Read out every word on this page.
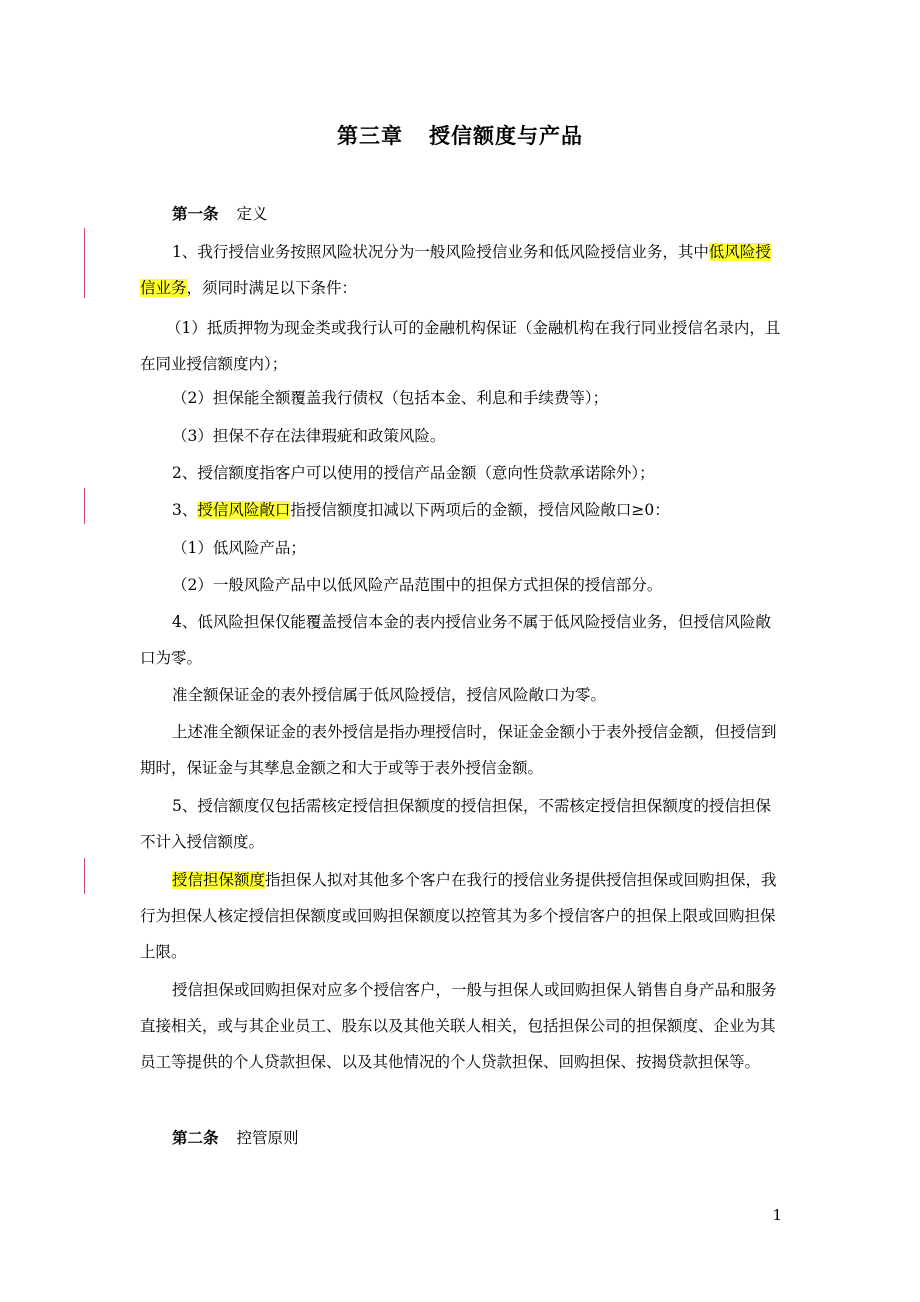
第三章 授信额度与产品

第一条 定义

1、我行授信业务按照风险状况分为一般风险授信业务和低风险授信业务，其中低风险授信业务，须同时满足以下条件：

（1）抵质押物为现金类或我行认可的金融机构保证（金融机构在我行同业授信名录内，且在同业授信额度内）；

（2）担保能全额覆盖我行债权（包括本金、利息和手续费等）；

（3）担保不存在法律瑕疵和政策风险。

2、授信额度指客户可以使用的授信产品金额（意向性贷款承诺除外）；

3、授信风险敞口指授信额度扣减以下两项后的金额，授信风险敞口≥0：

（1）低风险产品；

（2）一般风险产品中以低风险产品范围中的担保方式担保的授信部分。

4、低风险担保仅能覆盖授信本金的表内授信业务不属于低风险授信业务，但授信风险敞口为零。

准全额保证金的表外授信属于低风险授信，授信风险敞口为零。

上述准全额保证金的表外授信是指办理授信时，保证金金额小于表外授信金额，但授信到期时，保证金与其孳息金额之和大于或等于表外授信金额。

5、授信额度仅包括需核定授信担保额度的授信担保，不需核定授信担保额度的授信担保不计入授信额度。

授信担保额度指担保人拟对其他多个客户在我行的授信业务提供授信担保或回购担保，我行为担保人核定授信担保额度或回购担保额度以控管其为多个授信客户的担保上限或回购担保上限。

授信担保或回购担保对应多个授信客户，一般与担保人或回购担保人销售自身产品和服务直接相关，或与其企业员工、股东以及其他关联人相关，包括担保公司的担保额度、企业为其员工等提供的个人贷款担保、以及其他情况的个人贷款担保、回购担保、按揭贷款担保等。

第二条 控管原则

1
